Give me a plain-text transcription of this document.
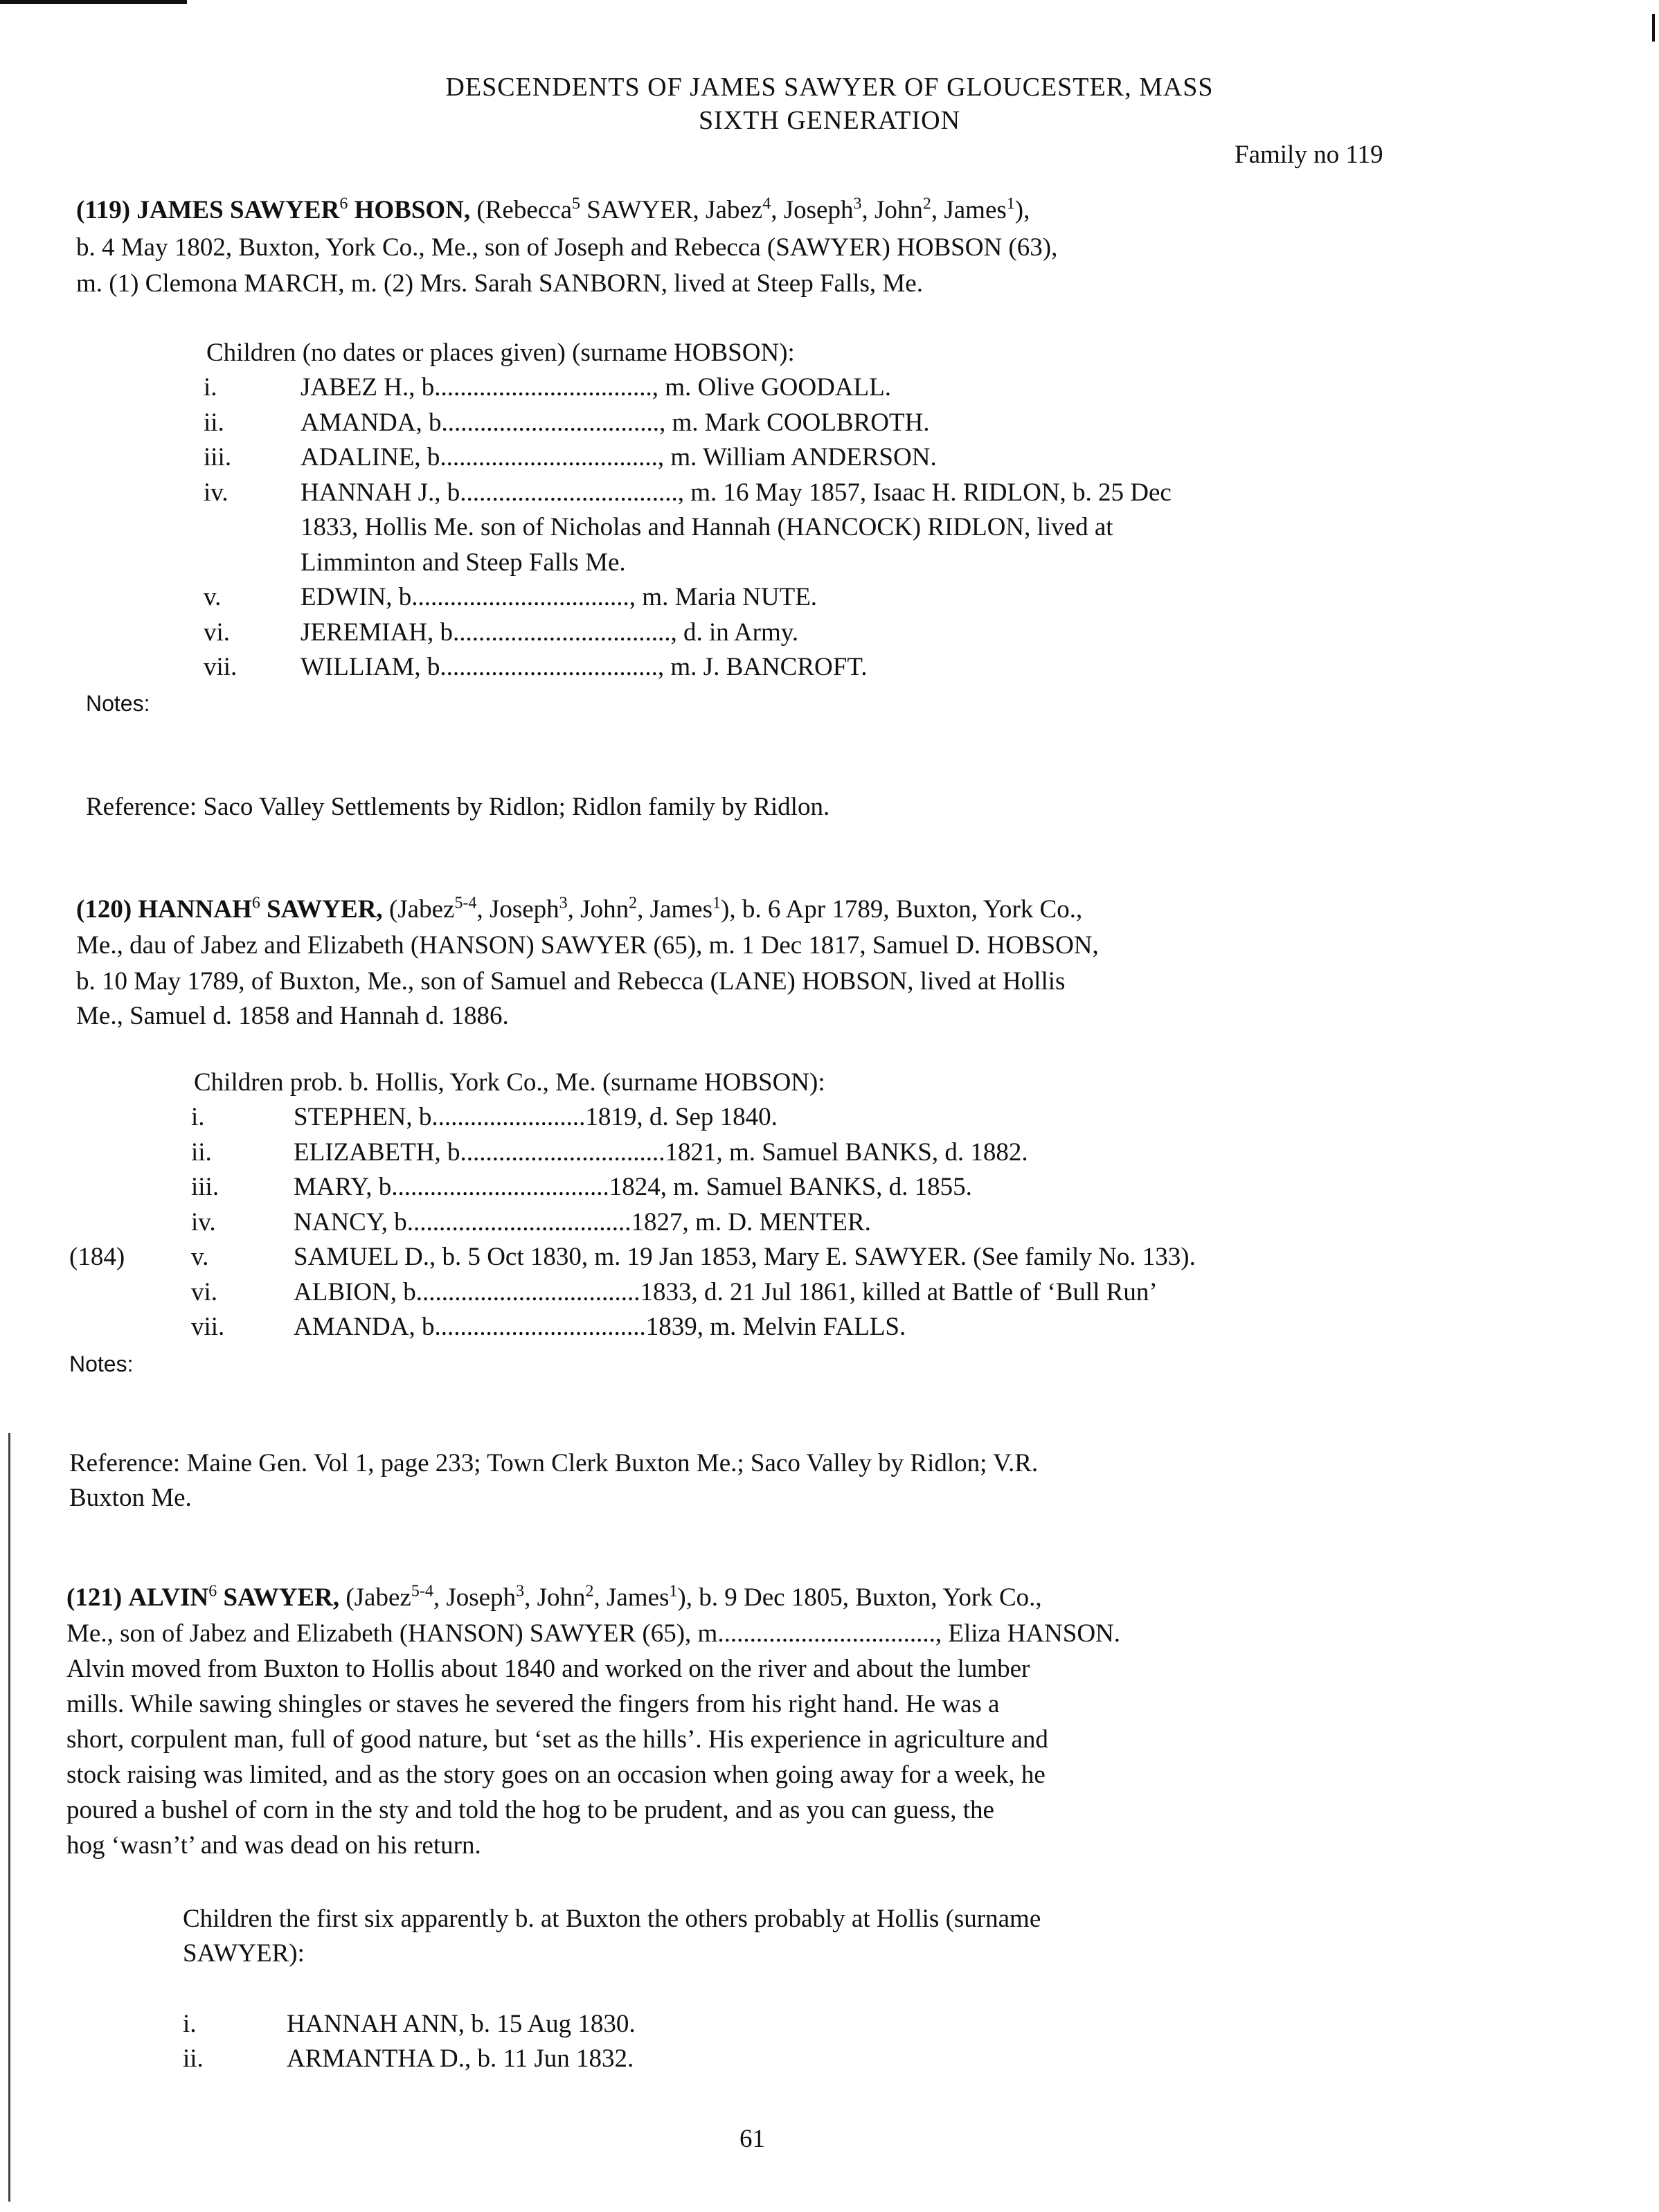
DESCENDENTS OF JAMES SAWYER OF GLOUCESTER, MASS
SIXTH GENERATION
Family no 119
(119) JAMES SAWYER$^6$ HOBSON, (Rebecca$^5$ SAWYER, Jabez$^4$, Joseph$^3$, John$^2$, James$^1$),
b. 4 May 1802, Buxton, York Co., Me., son of Joseph and Rebecca (SAWYER) HOBSON (63),
m. (1) Clemona MARCH, m. (2) Mrs. Sarah SANBORN, lived at Steep Falls, Me.
Children (no dates or places given) (surname HOBSON):
i.	JABEZ H., b.................................., m. Olive GOODALL.
ii.	AMANDA, b.................................., m. Mark COOLBROTH.
iii.	ADALINE, b.................................., m. William ANDERSON.
iv.	HANNAH J., b.................................., m. 16 May 1857, Isaac H. RIDLON, b. 25 Dec
1833, Hollis Me. son of Nicholas and Hannah (HANCOCK) RIDLON, lived at
Limminton and Steep Falls Me.
v.	EDWIN, b.................................., m. Maria NUTE.
vi.	JEREMIAH, b.................................., d. in Army.
vii. WILLIAM, b.................................., m. J. BANCROFT.
Notes:
Reference: Saco Valley Settlements by Ridlon; Ridlon family by Ridlon.
(120) HANNAH$^6$ SAWYER, (Jabez$^{5-4}$, Joseph$^3$, John$^2$, James$^1$), b. 6 Apr 1789, Buxton, York Co.,
Me., dau of Jabez and Elizabeth (HANSON) SAWYER (65), m. 1 Dec 1817, Samuel D. HOBSON,
b. 10 May 1789, of Buxton, Me., son of Samuel and Rebecca (LANE) HOBSON, lived at Hollis
Me., Samuel d. 1858 and Hannah d. 1886.
Children prob. b. Hollis, York Co., Me. (surname HOBSON):
i.	STEPHEN, b........................1819, d. Sep 1840.
ii.	ELIZABETH, b................................1821, m. Samuel BANKS, d. 1882.
iii.	MARY, b..................................1824, m. Samuel BANKS, d. 1855.
iv.	NANCY, b...................................1827, m. D. MENTER.
(184)	v.	SAMUEL D., b. 5 Oct 1830, m. 19 Jan 1853, Mary E. SAWYER. (See family No. 133).
vi.	ALBION, b...................................1833, d. 21 Jul 1861, killed at Battle of ‘Bull Run’
vii.	AMANDA, b.................................1839, m. Melvin FALLS.
Notes:
Reference: Maine Gen. Vol 1, page 233; Town Clerk Buxton Me.; Saco Valley by Ridlon; V.R.
Buxton Me.
(121) ALVIN$^6$ SAWYER, (Jabez$^{5-4}$, Joseph$^3$, John$^2$, James$^1$), b. 9 Dec 1805, Buxton, York Co.,
Me., son of Jabez and Elizabeth (HANSON) SAWYER (65), m.................................., Eliza HANSON.
Alvin moved from Buxton to Hollis about 1840 and worked on the river and about the lumber
mills. While sawing shingles or staves he severed the fingers from his right hand. He was a
short, corpulent man, full of good nature, but ‘set as the hills’. His experience in agriculture and
stock raising was limited, and as the story goes on an occasion when going away for a week, he
poured a bushel of corn in the sty and told the hog to be prudent, and as you can guess, the
hog ‘wasn’t’ and was dead on his return.
Children the first six apparently b. at Buxton the others probably at Hollis (surname
SAWYER):
i.	HANNAH ANN, b. 15 Aug 1830.
ii.	ARMANTHA D., b. 11 Jun 1832.
61
